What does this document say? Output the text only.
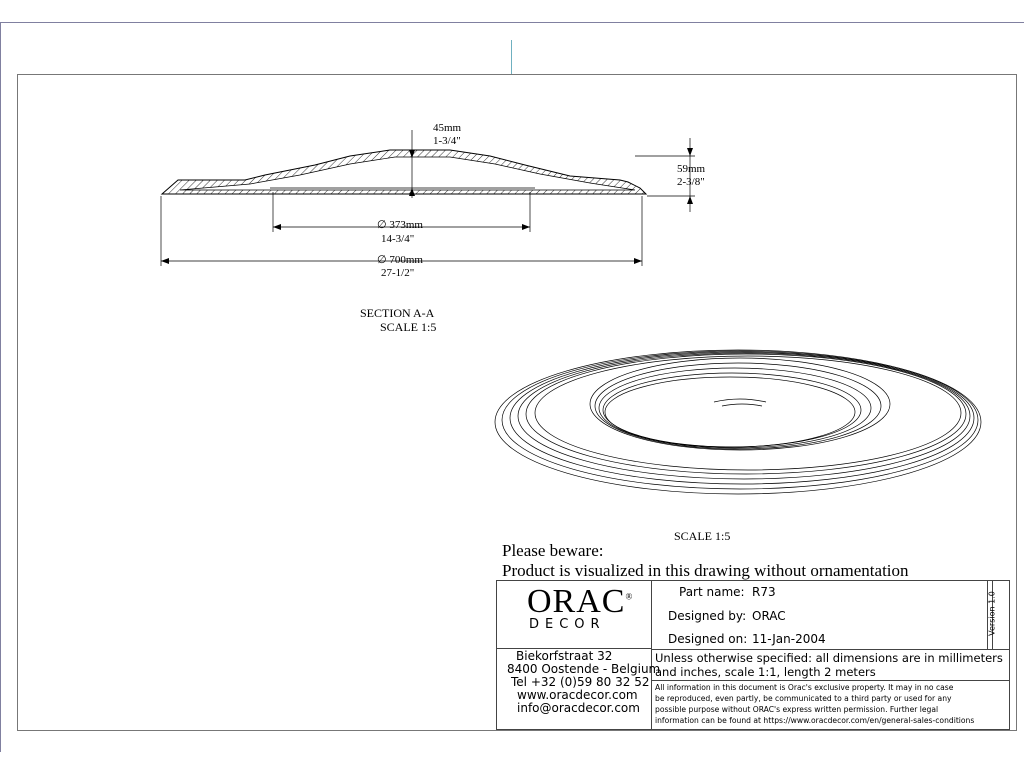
45mm
1-3/4"
59mm
2-3/8"
∅ 373mm
14-3/4"
∅ 700mm
27-1/2"
SECTION A-A
SCALE 1:5
SCALE 1:5
Please beware:
Product is visualized in this drawing without ornamentation
ORAC®
DECOR
Biekorfstraat 32
8400 Oostende - Belgium
Tel +32 (0)59 80 32 52
www.oracdecor.com
info@oracdecor.com
Part name: R73
Designed by: ORAC
Designed on: 11-Jan-2004
Version 1.0
Unless otherwise specified: all dimensions are in millimeters
and inches, scale 1:1, length 2 meters
All information in this document is Orac's exclusive property. It may in no case
be reproduced, even partly, be communicated to a third party or used for any
possible purpose without ORAC's express written permission. Further legal
information can be found at https://www.oracdecor.com/en/general-sales-conditions
